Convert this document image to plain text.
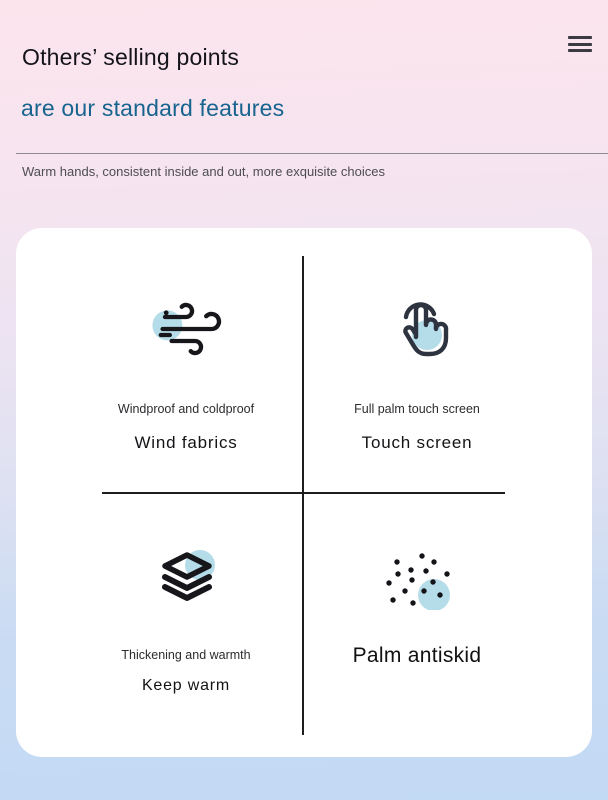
Others’ selling points
are our standard features
Warm hands, consistent inside and out, more exquisite choices
Windproof and coldproof
Wind fabrics
Full palm touch screen
Touch screen
Thickening and warmth
Keep warm
Palm antiskid
